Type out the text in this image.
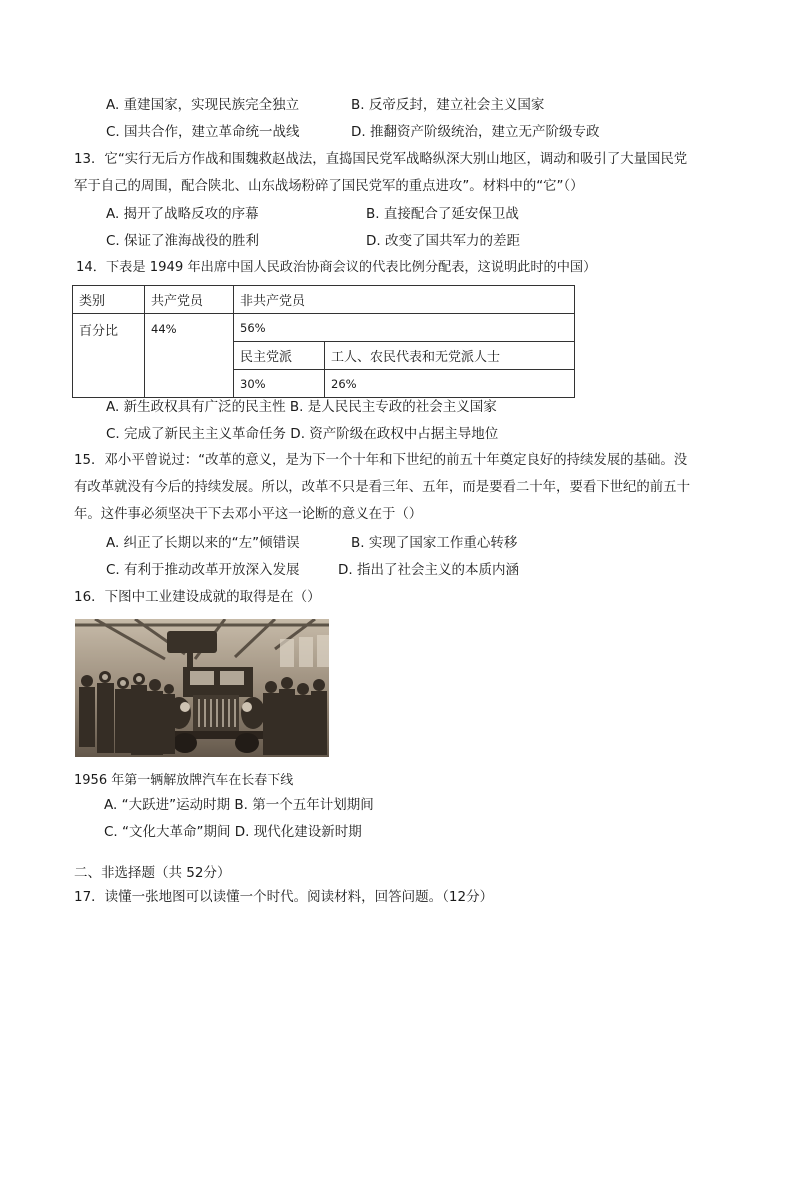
A. 重建国家，实现民族完全独立	B. 反帝反封，建立社会主义国家
C. 国共合作，建立革命统一战线	D. 推翻资产阶级统治，建立无产阶级专政
13．它“实行无后方作战和围魏救赵战法，直捣国民党军战略纵深大别山地区，调动和吸引了大量国民党
军于自己的周围，配合陕北、山东战场粉碎了国民党军的重点进攻”。材料中的“它”（）
A. 揭开了战略反攻的序幕	B. 直接配合了延安保卫战
C. 保证了淮海战役的胜利	D. 改变了国共军力的差距
14．下表是 1949 年出席中国人民政治协商会议的代表比例分配表，这说明此时的中国）
类别	共产党员	非共产党员	
百分比	44%	56%	
		民主党派	工人、农民代表和无党派人士
		30%	26%
A. 新生政权具有广泛的民主性 B. 是人民民主专政的社会主义国家
C. 完成了新民主主义革命任务 D. 资产阶级在政权中占据主导地位
15．邓小平曾说过：“改革的意义，是为下一个十年和下世纪的前五十年奠定良好的持续发展的基础。没
有改革就没有今后的持续发展。所以，改革不只是看三年、五年，而是要看二十年，要看下世纪的前五十
年。这件事必须坚决干下去邓小平这一论断的意义在于（）
A. 纠正了长期以来的“左”倾错误	B. 实现了国家工作重心转移
C. 有利于推动改革开放深入发展	D. 指出了社会主义的本质内涵
16．下图中工业建设成就的取得是在（）
1956 年第一辆解放牌汽车在长春下线
A. “大跃进”运动时期 B. 第一个五年计划期间
C. “文化大革命”期间 D. 现代化建设新时期
二、非选择题（共 52分）
17．读懂一张地图可以读懂一个时代。阅读材料，回答问题。（12分）
